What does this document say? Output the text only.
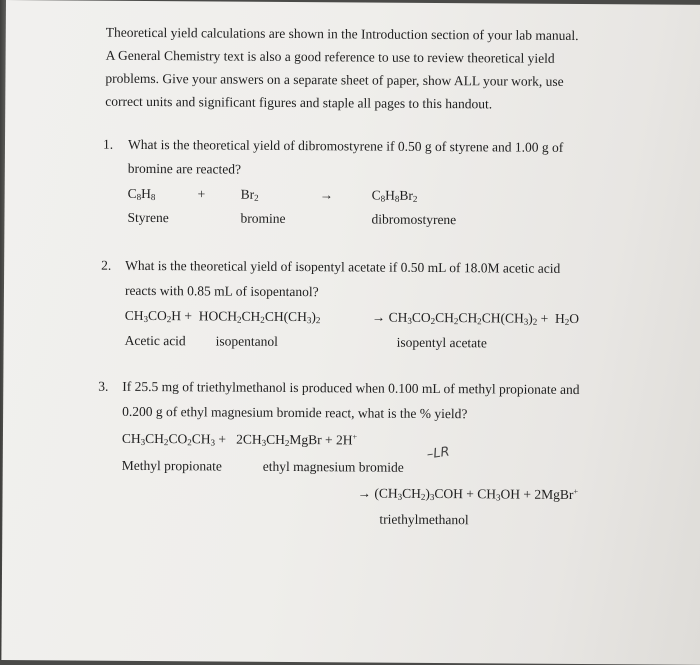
Theoretical yield calculations are shown in the Introduction section of your lab manual.
A General Chemistry text is also a good reference to use to review theoretical yield
problems. Give your answers on a separate sheet of paper, show ALL your work, use
correct units and significant figures and staple all pages to this handout.
1. What is the theoretical yield of dibromostyrene if 0.50 g of styrene and 1.00 g of
bromine are reacted?
$C_8H_8$	+	$Br_2$	→	$C_8H_8Br_2$
Styrene	bromine	dibromostyrene
2. What is the theoretical yield of isopentyl acetate if 0.50 mL of 18.0M acetic acid
reacts with 0.85 mL of isopentanol?
$CH_3CO_2H$ +  $HOCH_2CH_2CH(CH_3)_2$	→ $CH_3CO_2CH_2CH_2CH(CH_3)_2 + H_2O$
Acetic acid isopentanol	isopentyl acetate
3. If 25.5 mg of triethylmethanol is produced when 0.100 mL of methyl propionate and
0.200 g of ethyl magnesium bromide react, what is the % yield?
$CH_3CH_2CO_2CH_3$ +   $2CH_3CH_2MgBr + 2H^+$
Methyl propionate	ethyl magnesium bromide
–LR
→ $(CH_3CH_2)_3COH + CH_3OH$ + 2MgBr+
triethylmethanol
